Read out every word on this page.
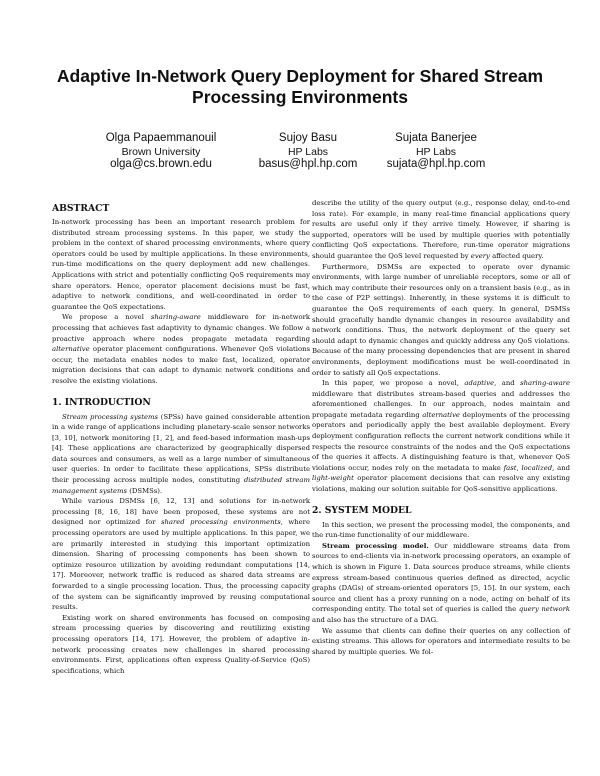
Adaptive In-Network Query Deployment for Shared Stream
Processing Environments
Olga Papaemmanouil
Brown University
olga@cs.brown.edu
Sujoy Basu
HP Labs
basus@hpl.hp.com
Sujata Banerjee
HP Labs
sujata@hpl.hp.com
ABSTRACT

In-network processing has been an important research problem for distributed stream processing systems. In this paper, we study the problem in the context of shared processing environments, where query operators could be used by multiple applications. In these environments, run-time modifications on the query deployment add new challenges. Applications with strict and potentially conflicting QoS requirements may share operators. Hence, operator placement decisions must be fast, adaptive to network conditions, and well-coordinated in order to guarantee the QoS expectations.

We propose a novel sharing-aware middleware for in-network processing that achieves fast adaptivity to dynamic changes. We follow a proactive approach where nodes propagate metadata regarding alternative operator placement configurations. Whenever QoS violations occur, the metadata enables nodes to make fast, localized, operator migration decisions that can adapt to dynamic network conditions and resolve the existing violations.

1. INTRODUCTION

Stream processing systems (SPSs) have gained considerable attention in a wide range of applications including planetary-scale sensor networks [3, 10], network monitoring [1, 2], and feed-based information mash-ups [4]. These applications are characterized by geographically dispersed data sources and consumers, as well as a large number of simultaneous user queries. In order to facilitate these applications, SPSs distribute their processing across multiple nodes, constituting distributed stream management systems (DSMSs).

While various DSMSs [6, 12, 13] and solutions for in-network processing [8, 16, 18] have been proposed, these systems are not designed nor optimized for shared processing environments, where processing operators are used by multiple applications. In this paper, we are primarily interested in studying this important optimization dimension. Sharing of processing components has been shown to optimize resource utilization by avoiding redundant computations [14, 17]. Moreover, network traffic is reduced as shared data streams are forwarded to a single processing location. Thus, the processing capacity of the system can be significantly improved by reusing computational results.

Existing work on shared environments has focused on composing stream processing queries by discovering and reutilizing existing processing operators [14, 17]. However, the problem of adaptive in-network processing creates new challenges in shared processing environments. First, applications often express Quality-of-Service (QoS) specifications, which

describe the utility of the query output (e.g., response delay, end-to-end loss rate). For example, in many real-time financial applications query results are useful only if they arrive timely. However, if sharing is supported, operators will be used by multiple queries with potentially conflicting QoS expectations. Therefore, run-time operator migrations should guarantee the QoS level requested by every affected query.

Furthermore, DSMSs are expected to operate over dynamic environments, with large number of unreliable receptors, some or all of which may contribute their resources only on a transient basis (e.g., as in the case of P2P settings). Inherently, in these systems it is difficult to guarantee the QoS requirements of each query. In general, DSMSs should gracefully handle dynamic changes in resource availability and network conditions. Thus, the network deployment of the query set should adapt to dynamic changes and quickly address any QoS violations. Because of the many processing dependencies that are present in shared environments, deployment modifications must be well-coordinated in order to satisfy all QoS expectations.

In this paper, we propose a novel, adaptive, and sharing-aware middleware that distributes stream-based queries and addresses the aforementioned challenges. In our approach, nodes maintain and propagate metadata regarding alternative deployments of the processing operators and periodically apply the best available deployment. Every deployment configuration reflects the current network conditions while it respects the resource constraints of the nodes and the QoS expectations of the queries it affects. A distinguishing feature is that, whenever QoS violations occur, nodes rely on the metadata to make fast, localized, and light-weight operator placement decisions that can resolve any existing violations, making our solution suitable for QoS-sensitive applications.

2. SYSTEM MODEL

In this section, we present the processing model, the components, and the run-time functionality of our middleware.

Stream processing model. Our middleware streams data from sources to end-clients via in-network processing operators, an example of which is shown in Figure 1. Data sources produce streams, while clients express stream-based continuous queries defined as directed, acyclic graphs (DAGs) of stream-oriented operators [5, 15]. In our system, each source and client has a proxy running on a node, acting on behalf of its corresponding entity. The total set of queries is called the query network and also has the structure of a DAG.

We assume that clients can define their queries on any collection of existing streams. This allows for operators and intermediate results to be shared by multiple queries. We fol-
